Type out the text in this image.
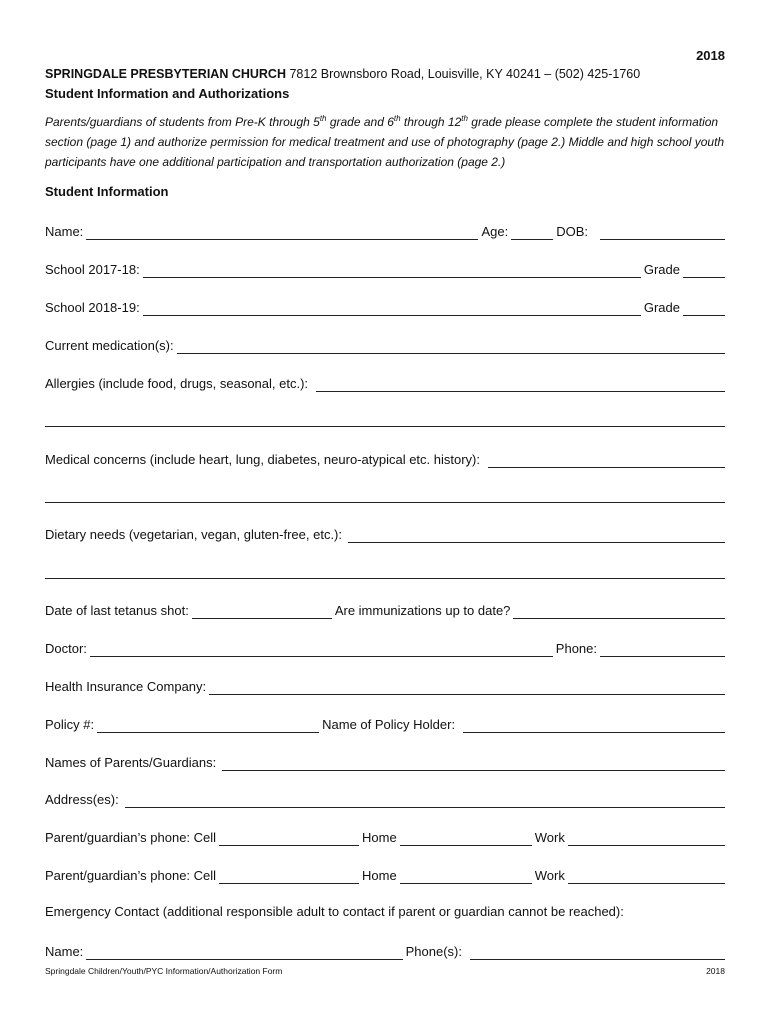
2018
SPRINGDALE PRESBYTERIAN CHURCH 7812 Brownsboro Road, Louisville, KY 40241 – (502) 425-1760
Student Information and Authorizations
Parents/guardians of students from Pre-K through 5th grade and 6th through 12th grade please complete the student information section (page 1) and authorize permission for medical treatment and use of photography (page 2.) Middle and high school youth participants have one additional participation and transportation authorization (page 2.)
Student Information
Name:	Age:	DOB:
School 2017-18:	Grade
School 2018-19:	Grade
Current medication(s):
Allergies (include food, drugs, seasonal, etc.):
Medical concerns (include heart, lung, diabetes, neuro-atypical etc. history):
Dietary needs (vegetarian, vegan, gluten-free, etc.):
Date of last tetanus shot:	Are immunizations up to date?
Doctor:	Phone:
Health Insurance Company:
Policy #:	Name of Policy Holder:
Names of Parents/Guardians:
Address(es):
Parent/guardian’s phone: Cell	Home	Work
Parent/guardian’s phone: Cell	Home	Work
Emergency Contact (additional responsible adult to contact if parent or guardian cannot be reached):
Name:	Phone(s):
Springdale Children/Youth/PYC Information/Authorization Form	2018
